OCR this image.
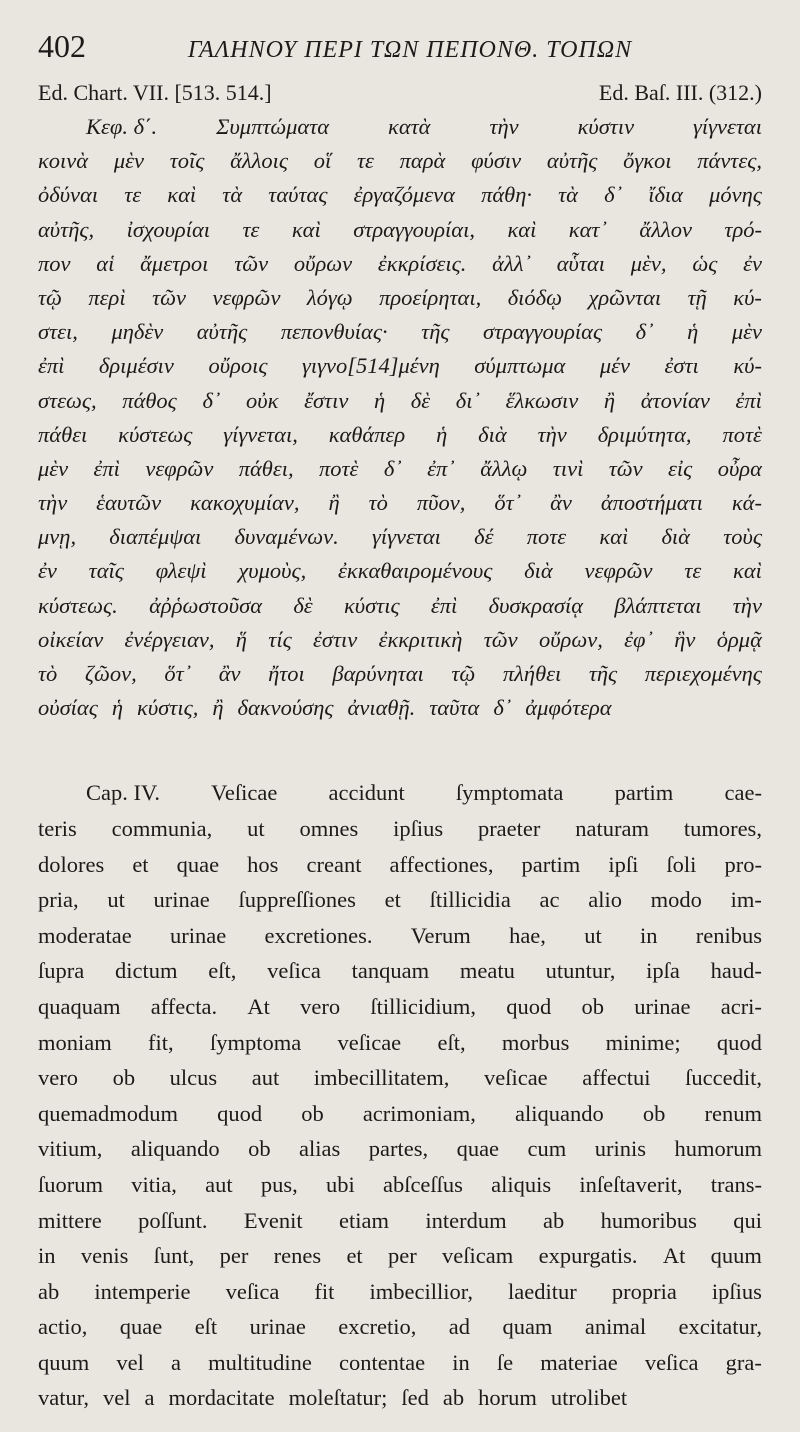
402	ΓΑΛΗΝΟΥ ΠΕΡΙ ΤΩΝ ΠΕΠΟΝΘ. ΤΟΠΩΝ
Ed. Chart. VII. [513. 514.]	Ed. Baſ. III. (312.)
Κεφ. δ΄.	Συμπτώματα	κατὰ	τὴν	κύστιν	γίγνεται
κοινὰ μὲν τοῖς ἄλλοις οἵ τε παρὰ φύσιν αὐτῆς ὄγκοι πάντες,
ὀδύναι τε καὶ τὰ ταύτας ἐργαζόμενα πάθη· τὰ δ᾽ ἴδια μόνης
αὐτῆς, ἰσχουρίαι τε καὶ στραγγουρίαι, καὶ κατ᾽ ἄλλον τρό-
πον αἱ ἄμετροι τῶν οὔρων ἐκκρίσεις. ἀλλ᾽ αὗται μὲν, ὡς ἐν
τῷ περὶ τῶν νεφρῶν λόγῳ προείρηται, διόδῳ χρῶνται τῇ κύ-
στει, μηδὲν αὐτῆς πεπονθυίας· τῆς στραγγουρίας δ᾽ ἡ μὲν
ἐπὶ δριμέσιν οὔροις γιγνο[514]μένη σύμπτωμα μέν ἐστι κύ-
στεως, πάθος δ᾽ οὐκ ἔστιν ἡ δὲ δι᾽ ἕλκωσιν ἢ ἀτονίαν ἐπὶ
πάθει κύστεως γίγνεται, καθάπερ ἡ διὰ τὴν δριμύτητα, ποτὲ
μὲν ἐπὶ νεφρῶν πάθει, ποτὲ δ᾽ ἐπ᾽ ἄλλῳ τινὶ τῶν εἰς οὖρα
τὴν ἑαυτῶν κακοχυμίαν, ἢ τὸ πῦον, ὅτ᾽ ἂν ἀποστήματι κά-
μνῃ, διαπέμψαι δυναμένων. γίγνεται δέ ποτε καὶ διὰ τοὺς
ἐν ταῖς φλεψὶ χυμοὺς, ἐκκαθαιρομένους διὰ νεφρῶν τε καὶ
κύστεως. ἀῤῥωστοῦσα δὲ κύστις ἐπὶ δυσκρασίᾳ βλάπτεται τὴν
οἰκείαν ἐνέργειαν, ἥ τίς ἐστιν ἐκκριτικὴ τῶν οὔρων, ἐφ᾽ ἣν ὁρμᾷ
τὸ ζῶον, ὅτ᾽ ἂν ἤτοι βαρύνηται τῷ πλήθει τῆς περιεχομένης
οὐσίας ἡ κύστις, ἢ δακνούσης ἀνιαθῇ. ταῦτα δ᾽ ἀμφότερα
Cap. IV. Veſicae accidunt ſymptomata partim cae-
teris communia, ut omnes ipſius praeter naturam tumores,
dolores et quae hos creant affectiones, partim ipſi ſoli pro-
pria, ut urinae ſuppreſſiones et ſtillicidia ac alio modo im-
moderatae urinae excretiones. Verum hae, ut in renibus
ſupra dictum eſt, veſica tanquam meatu utuntur, ipſa haud-
quaquam affecta. At vero ſtillicidium, quod ob urinae acri-
moniam fit, ſymptoma veſicae eſt, morbus minime; quod
vero ob ulcus aut imbecillitatem, veſicae affectui ſuccedit,
quemadmodum quod ob acrimoniam, aliquando ob renum
vitium, aliquando ob alias partes, quae cum urinis humorum
ſuorum vitia, aut pus, ubi abſceſſus aliquis inſeſtaverit, trans-
mittere poſſunt. Evenit etiam interdum ab humoribus qui
in venis ſunt, per renes et per veſicam expurgatis. At quum
ab intemperie veſica fit imbecillior, laeditur propria ipſius
actio, quae eſt urinae excretio, ad quam animal excitatur,
quum vel a multitudine contentae in ſe materiae veſica gra-
vatur, vel a mordacitate moleſtatur; ſed ab horum utrolibet
